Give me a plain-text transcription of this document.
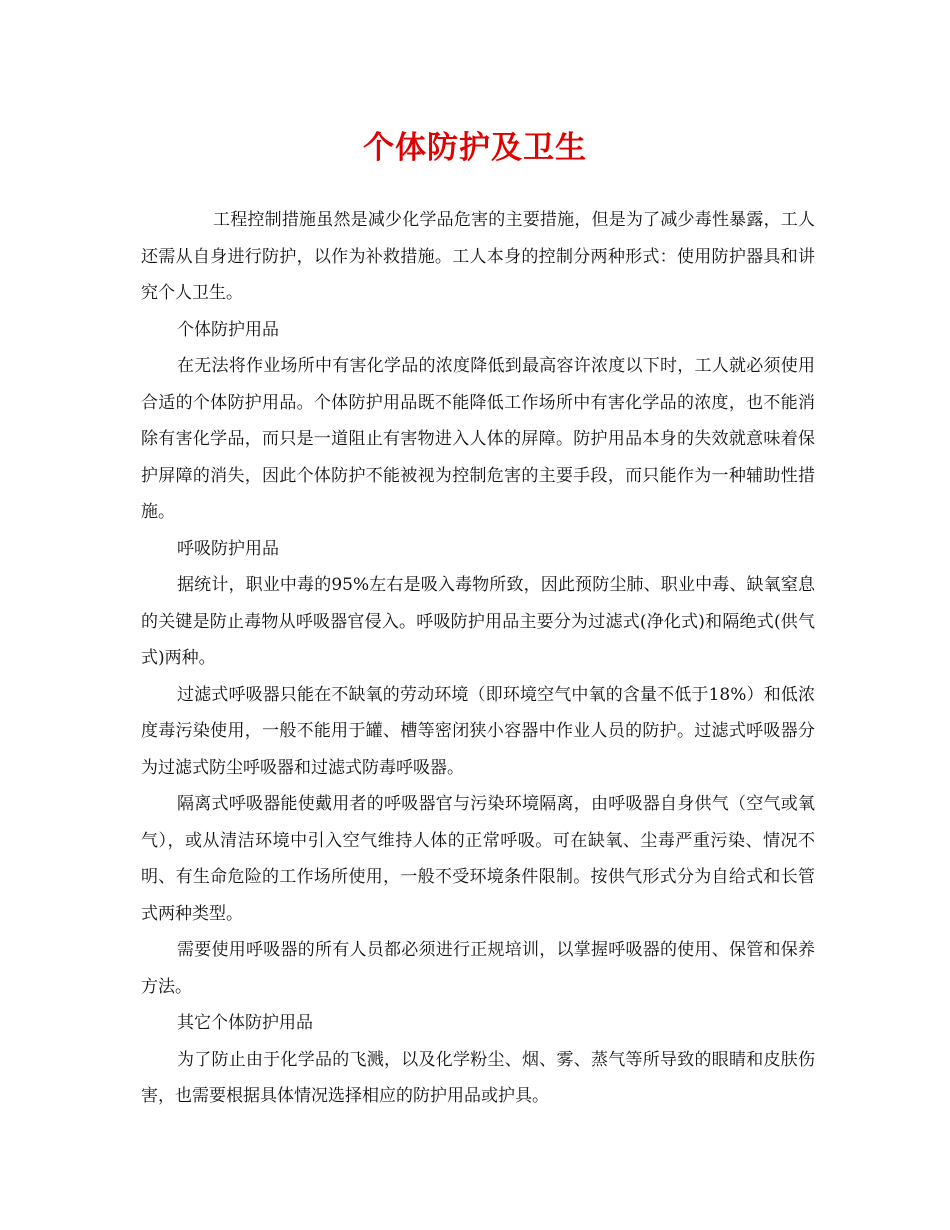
个体防护及卫生

工程控制措施虽然是减少化学品危害的主要措施，但是为了减少毒性暴露，工人还需从自身进行防护，以作为补救措施。工人本身的控制分两种形式：使用防护器具和讲究个人卫生。

个体防护用品

在无法将作业场所中有害化学品的浓度降低到最高容许浓度以下时，工人就必须使用合适的个体防护用品。个体防护用品既不能降低工作场所中有害化学品的浓度，也不能消除有害化学品，而只是一道阻止有害物进入人体的屏障。防护用品本身的失效就意味着保护屏障的消失，因此个体防护不能被视为控制危害的主要手段，而只能作为一种辅助性措施。

呼吸防护用品

据统计，职业中毒的95%左右是吸入毒物所致，因此预防尘肺、职业中毒、缺氧窒息的关键是防止毒物从呼吸器官侵入。呼吸防护用品主要分为过滤式(净化式)和隔绝式(供气式)两种。

过滤式呼吸器只能在不缺氧的劳动环境（即环境空气中氧的含量不低于18%）和低浓度毒污染使用，一般不能用于罐、槽等密闭狭小容器中作业人员的防护。过滤式呼吸器分为过滤式防尘呼吸器和过滤式防毒呼吸器。

隔离式呼吸器能使戴用者的呼吸器官与污染环境隔离，由呼吸器自身供气（空气或氧气），或从清洁环境中引入空气维持人体的正常呼吸。可在缺氧、尘毒严重污染、情况不明、有生命危险的工作场所使用，一般不受环境条件限制。按供气形式分为自给式和长管式两种类型。

需要使用呼吸器的所有人员都必须进行正规培训，以掌握呼吸器的使用、保管和保养方法。

其它个体防护用品

为了防止由于化学品的飞溅，以及化学粉尘、烟、雾、蒸气等所导致的眼睛和皮肤伤害，也需要根据具体情况选择相应的防护用品或护具。
